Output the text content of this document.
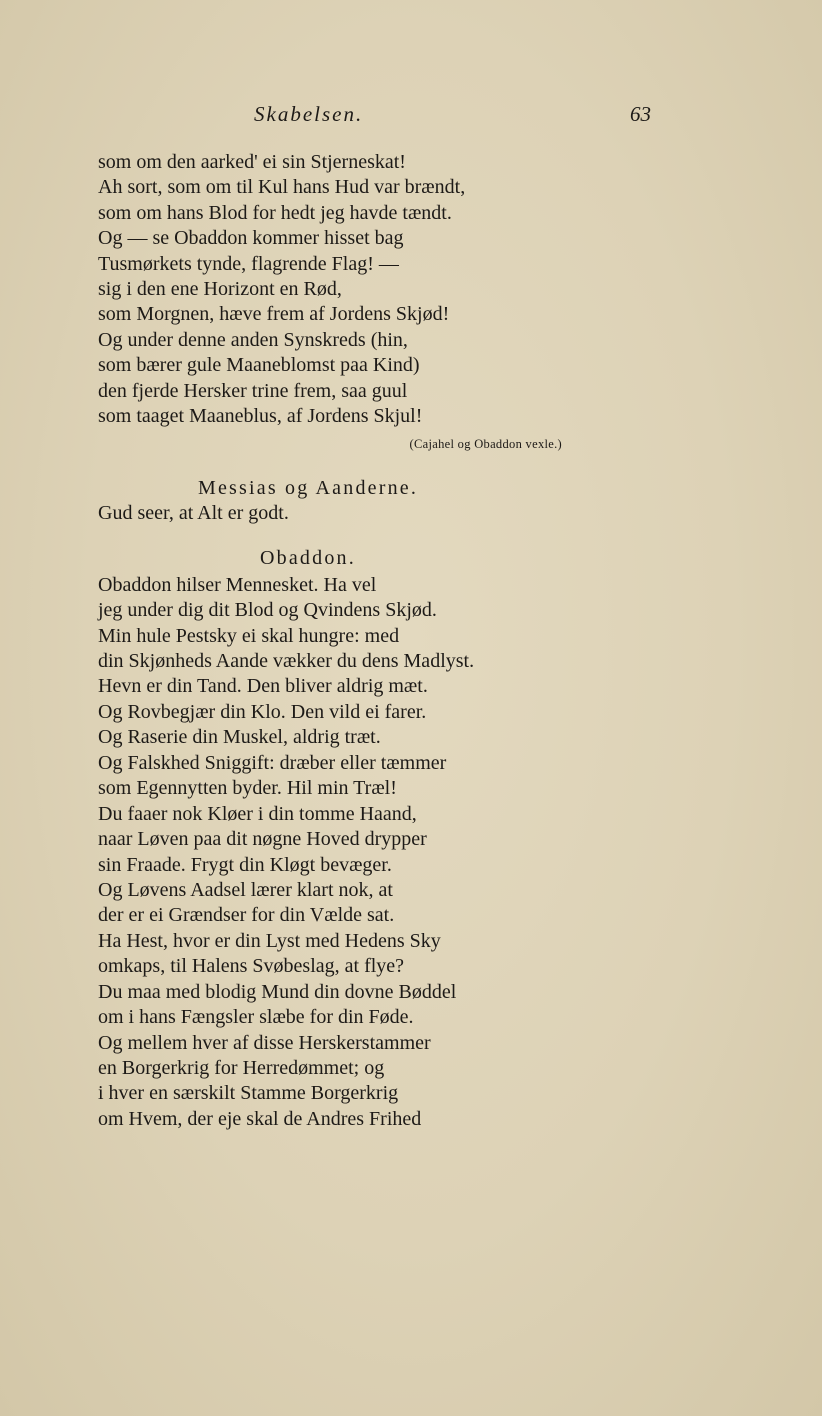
Skabelsen.	63
som om den aarked' ei sin Stjerneskat!
Ah sort, som om til Kul hans Hud var brændt,
som om hans Blod for hedt jeg havde tændt.
Og — se Obaddon kommer hisset bag
Tusmørkets tynde, flagrende Flag! —
sig i den ene Horizont en Rød,
som Morgnen, hæve frem af Jordens Skjød!
Og under denne anden Synskreds (hin,
som bærer gule Maaneblomst paa Kind)
den fjerde Hersker trine frem, saa guul
som taaget Maaneblus, af Jordens Skjul!
(Cajahel og Obaddon vexle.)
Messias og Aanderne.
Gud seer, at Alt er godt.
Obaddon.
Obaddon hilser Mennesket. Ha vel
jeg under dig dit Blod og Qvindens Skjød.
Min hule Pestsky ei skal hungre: med
din Skjønheds Aande vækker du dens Madlyst.
Hevn er din Tand. Den bliver aldrig mæt.
Og Rovbegjær din Klo. Den vild ei farer.
Og Raserie din Muskel, aldrig træt.
Og Falskhed Sniggift: dræber eller tæmmer
som Egennytten byder. Hil min Træl!
Du faaer nok Kløer i din tomme Haand,
naar Løven paa dit nøgne Hoved drypper
sin Fraade. Frygt din Kløgt bevæger.
Og Løvens Aadsel lærer klart nok, at
der er ei Grændser for din Vælde sat.
Ha Hest, hvor er din Lyst med Hedens Sky
omkaps, til Halens Svøbeslag, at flye?
Du maa med blodig Mund din dovne Bøddel
om i hans Fængsler slæbe for din Føde.
Og mellem hver af disse Herskerstammer
en Borgerkrig for Herredømmet; og
i hver en særskilt Stamme Borgerkrig
om Hvem, der eje skal de Andres Frihed
